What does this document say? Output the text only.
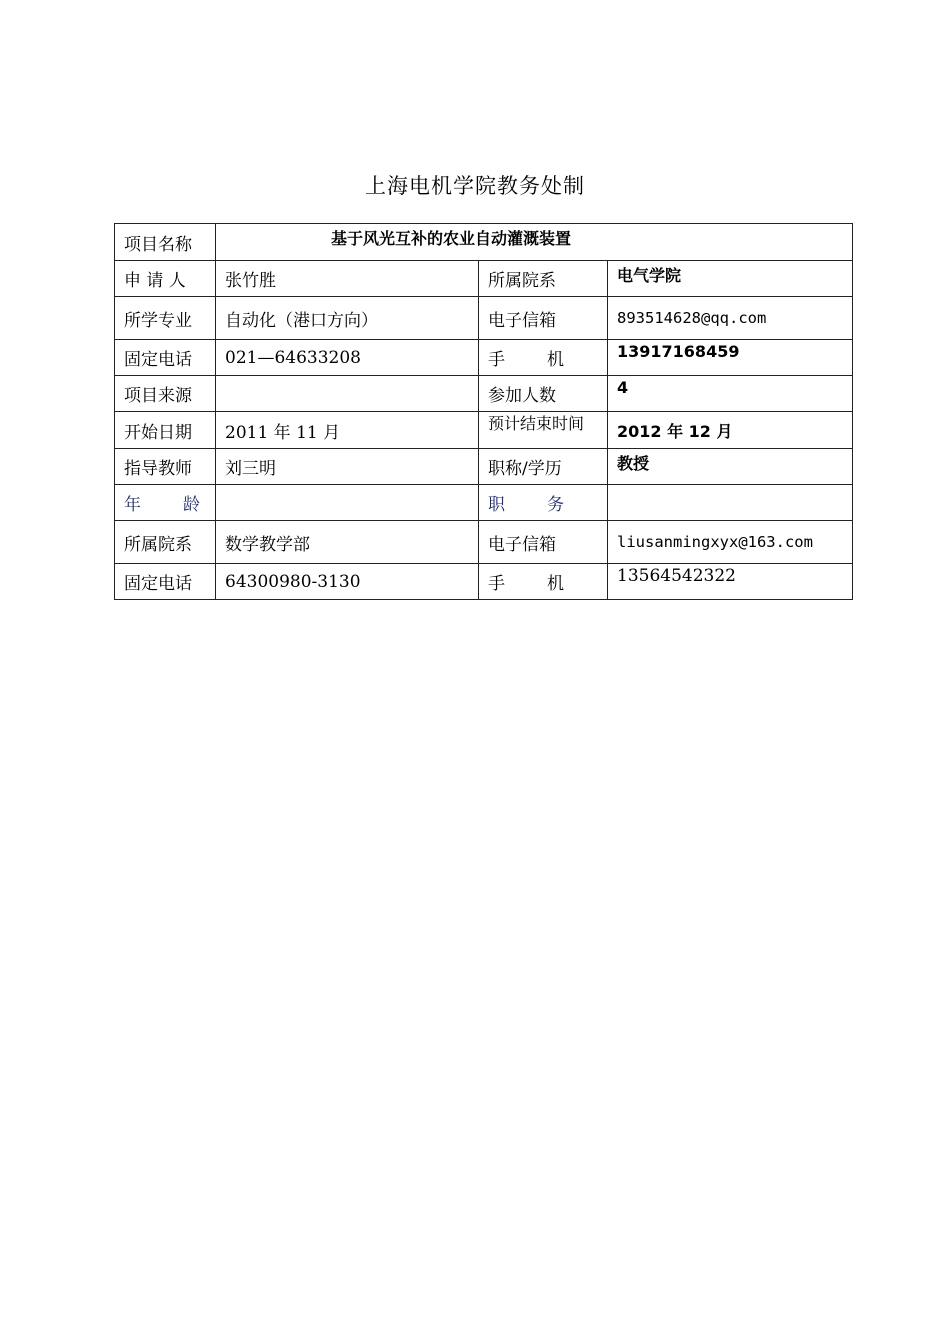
上海电机学院教务处制
项目名称	基于风光互补的农业自动灌溉装置		
申 请 人	张竹胜	所属院系	电气学院
所学专业	自动化（港口方向）	电子信箱	893514628@qq.com
固定电话	021—64633208	手 机	13917168459
项目来源		参加人数	4
开始日期	2011 年 11 月	预计结束时间	2012 年 12 月
指导教师	刘三明	职称/学历	教授
年 龄		职 务	
所属院系	数学教学部	电子信箱	liusanmingxyx@163.com
固定电话	64300980-3130	手 机	13564542322
